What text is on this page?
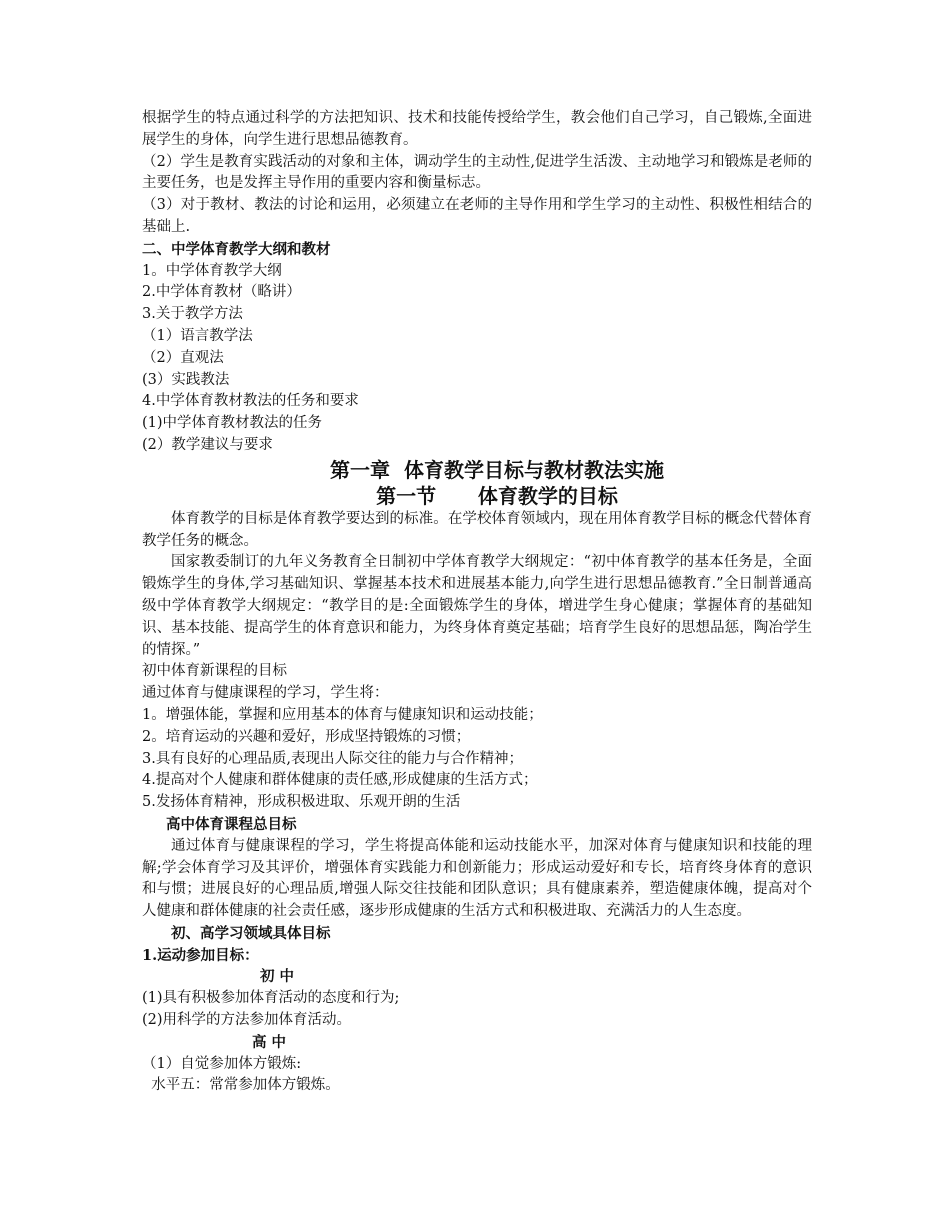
根据学生的特点通过科学的方法把知识、技术和技能传授给学生，教会他们自己学习，自己锻炼,全面进展学生的身体，向学生进行思想品德教育。
（2）学生是教育实践活动的对象和主体，调动学生的主动性,促进学生活泼、主动地学习和锻炼是老师的主要任务，也是发挥主导作用的重要内容和衡量标志。
（3）对于教材、教法的讨论和运用，必须建立在老师的主导作用和学生学习的主动性、积极性相结合的基础上.
二、中学体育教学大纲和教材
1。中学体育教学大纲
2.中学体育教材（略讲）
3.关于教学方法
（1）语言教学法
（2）直观法
(3）实践教法
4.中学体育教材教法的任务和要求
(1)中学体育教材教法的任务
(2）教学建议与要求
第一章  体育教学目标与教材教法实施
第一节      体育教学的目标
体育教学的目标是体育教学要达到的标准。在学校体育领域内，现在用体育教学目标的概念代替体育教学任务的概念。
国家教委制订的九年义务教育全日制初中学体育教学大纲规定：“初中体育教学的基本任务是，全面锻炼学生的身体,学习基础知识、掌握基本技术和进展基本能力,向学生进行思想品德教育.”全日制普通高级中学体育教学大纲规定：“教学目的是:全面锻炼学生的身体，增进学生身心健康；掌握体育的基础知识、基本技能、提高学生的体育意识和能力，为终身体育奠定基础；培育学生良好的思想品惩，陶冶学生的情探。”
初中体育新课程的目标
通过体育与健康课程的学习，学生将：
1。增强体能，掌握和应用基本的体育与健康知识和运动技能；
2。培育运动的兴趣和爱好，形成坚持锻炼的习惯；
3.具有良好的心理品质,表现出人际交往的能力与合作精神；
4.提高对个人健康和群体健康的责任感,形成健康的生活方式；
5.发扬体育精神，形成积极进取、乐观开朗的生活
高中体育课程总目标
通过体育与健康课程的学习，学生将提高体能和运动技能水平，加深对体育与健康知识和技能的理解;学会体育学习及其评价，增强体育实践能力和创新能力；形成运动爱好和专长，培育终身体育的意识和与惯；进展良好的心理品质,增强人际交往技能和团队意识；具有健康素养，塑造健康体魄，提高对个人健康和群体健康的社会责任感，逐步形成健康的生活方式和积极进取、充满活力的人生态度。
初、高学习领域具体目标
1.运动参加目标：
初 中
(1)具有积极参加体育活动的态度和行为;
(2)用科学的方法参加体育活动。
高 中
（1）自觉参加体方锻炼:
水平五：常常参加体方锻炼。
